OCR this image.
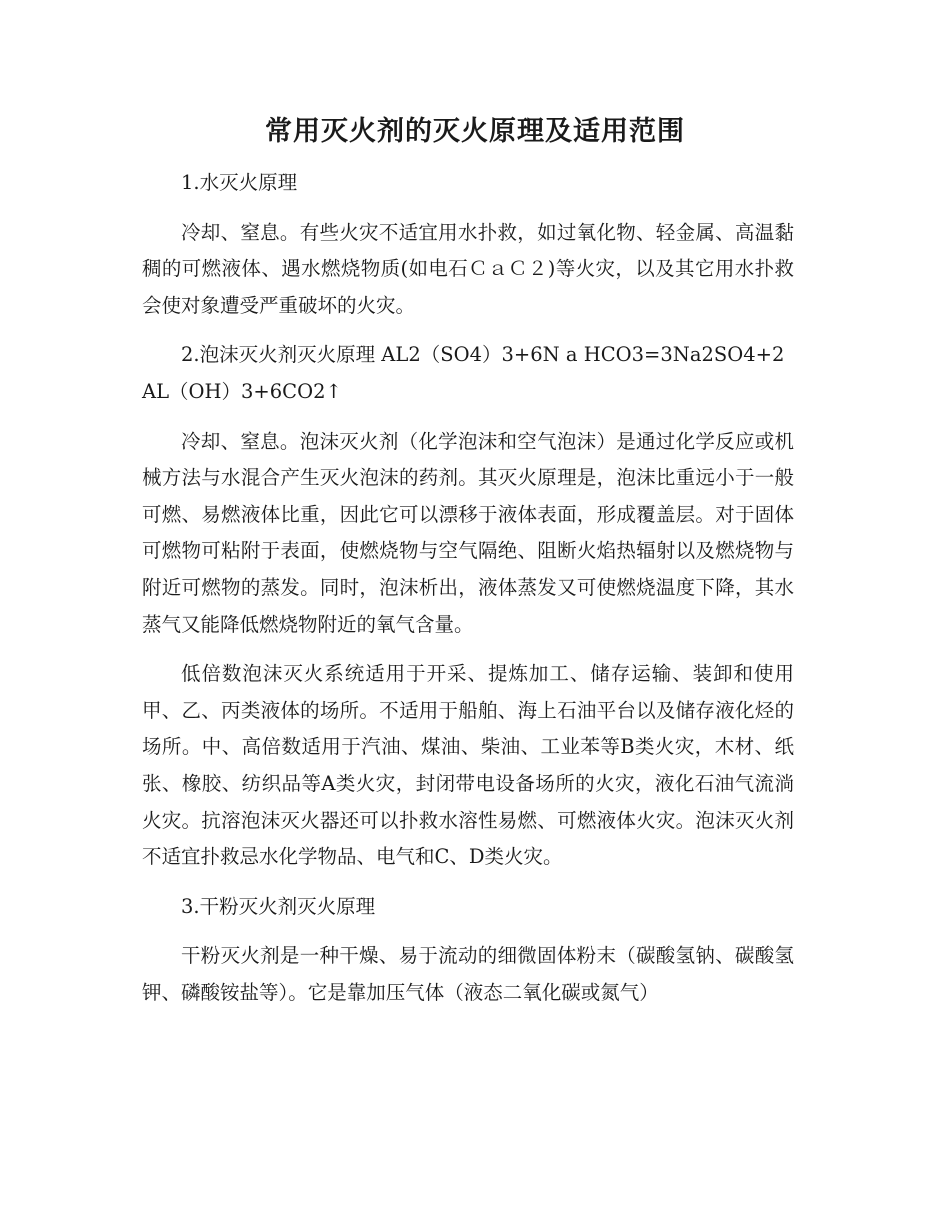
常用灭火剂的灭火原理及适用范围

1.水灭火原理

冷却、窒息。有些火灾不适宜用水扑救，如过氧化物、轻金属、高温黏稠的可燃液体、遇水燃烧物质(如电石ＣａＣ２)等火灾，以及其它用水扑救会使对象遭受严重破坏的火灾。

2.泡沫灭火剂灭火原理 AL2（SO4）3+6N a HCO3=3Na2SO4+2AL（OH）3+6CO2↑

冷却、窒息。泡沫灭火剂（化学泡沫和空气泡沫）是通过化学反应或机械方法与水混合产生灭火泡沫的药剂。其灭火原理是，泡沫比重远小于一般可燃、易燃液体比重，因此它可以漂移于液体表面，形成覆盖层。对于固体可燃物可粘附于表面，使燃烧物与空气隔绝、阻断火焰热辐射以及燃烧物与附近可燃物的蒸发。同时，泡沫析出，液体蒸发又可使燃烧温度下降，其水蒸气又能降低燃烧物附近的氧气含量。

低倍数泡沫灭火系统适用于开采、提炼加工、储存运输、装卸和使用甲、乙、丙类液体的场所。不适用于船舶、海上石油平台以及储存液化烃的场所。中、高倍数适用于汽油、煤油、柴油、工业苯等B类火灾，木材、纸张、橡胶、纺织品等A类火灾，封闭带电设备场所的火灾，液化石油气流淌火灾。抗溶泡沫灭火器还可以扑救水溶性易燃、可燃液体火灾。泡沫灭火剂不适宜扑救忌水化学物品、电气和C、D类火灾。

3.干粉灭火剂灭火原理

干粉灭火剂是一种干燥、易于流动的细微固体粉末（碳酸氢钠、碳酸氢钾、磷酸铵盐等）。它是靠加压气体（液态二氧化碳或氮气）
